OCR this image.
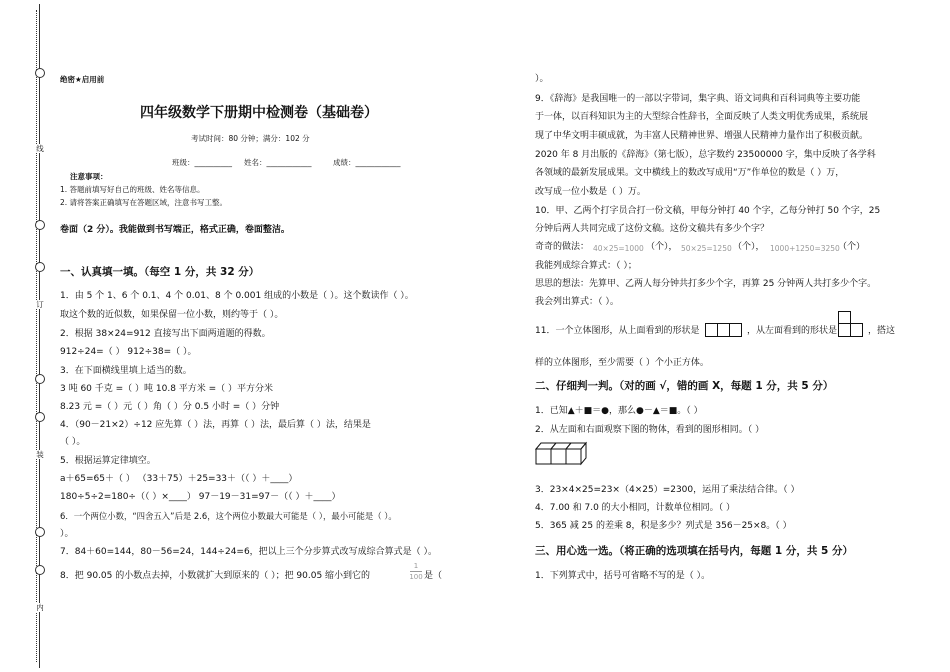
线
订
装
内
绝密★启用前
四年级数学下册期中检测卷（基础卷）
考试时间：80 分钟；满分：102 分
班级：__________ 姓名：____________	成绩：____________
注意事项：
1. 答题前填写好自己的班级、姓名等信息。
2. 请将答案正确填写在答题区域，注意书写工整。
卷面（2 分）。我能做到书写端正，格式正确，卷面整洁。
一、认真填一填。（每空 1 分，共 32 分）
1．由 5 个 1、6 个 0.1、4 个 0.01、8 个 0.001 组成的小数是（ ）。这个数读作（ ）。
取这个数的近似数，如果保留一位小数，则约等于（ ）。
2．根据 38×24=912 直接写出下面两道题的得数。
912÷24=（ ） 912÷38=（ ）。
3．在下面横线里填上适当的数。
3 吨 60 千克 =（ ）吨 10.8 平方米 =（ ）平方分米
8.23 元 =（ ）元（ ）角（ ）分 0.5 小时 =（ ）分钟
4．（90－21×2）÷12 应先算（ ）法，再算（ ）法，最后算（ ）法，结果是
（ ）。
5．根据运算定律填空。
a＋65=65＋（ ） （33＋75）＋25=33＋（（ ）＋____）
180÷5÷2=180÷（（ ）×____） 97－19－31=97－（（ ）＋____）
6．一个两位小数，“四舍五入”后是 2.6，这个两位小数最大可能是（ ），最小可能是（ ）。
）。
7．84＋60=144，80－56=24，144÷24=6，把以上三个分步算式改写成综合算式是（ ）。
8．把 90.05 的小数点去掉，小数就扩大到原来的（ ）；把 90.05 缩小到它的
1
100 是（
）。
9．《辞海》是我国唯一的一部以字带词，集字典、语文词典和百科词典等主要功能
于一体，以百科知识为主的大型综合性辞书，全面反映了人类文明优秀成果，系统展
现了中华文明丰硕成就，为丰富人民精神世界、增强人民精神力量作出了积极贡献。
2020 年 8 月出版的《辞海》（第七版），总字数约 23500000 字，集中反映了各学科
各领域的最新发展成果。文中横线上的数改写成用“万”作单位的数是（ ）万，
改写成一位小数是（ ）万。
10．甲、乙两个打字员合打一份文稿，甲每分钟打 40 个字，乙每分钟打 50 个字，25
分钟后两人共同完成了这份文稿。这份文稿共有多少个字？
奇奇的做法： 40×25=1000 （个）， 50×25=1250 （个）， 1000+1250=3250
（个）
我能列成综合算式：（ ）；
思思的想法：先算甲、乙两人每分钟共打多少个字，再算 25 分钟两人共打多少个字。
我会列出算式：（ ）。
11．一个立体图形，从上面看到的形状是	，从左面看到的形状是	，搭这
样的立体图形，至少需要（ ）个小正方体。
二、仔细判一判。（对的画 √，错的画 X，每题 1 分，共 5 分）
1．已知▲＋■＝●，那么●－▲＝■。（ ）
2．从左面和右面观察下图的物体，看到的图形相同。（ ）
3．23×4×25=23×（4×25）=2300，运用了乘法结合律。（ ）
4．7.00 和 7.0 的大小相同，计数单位相同。（ ）
5．365 减 25 的差乘 8，积是多少？列式是 356－25×8。（ ）
三、用心选一选。（将正确的选项填在括号内，每题 1 分，共 5 分）
1．下列算式中，括号可省略不写的是（ ）。
